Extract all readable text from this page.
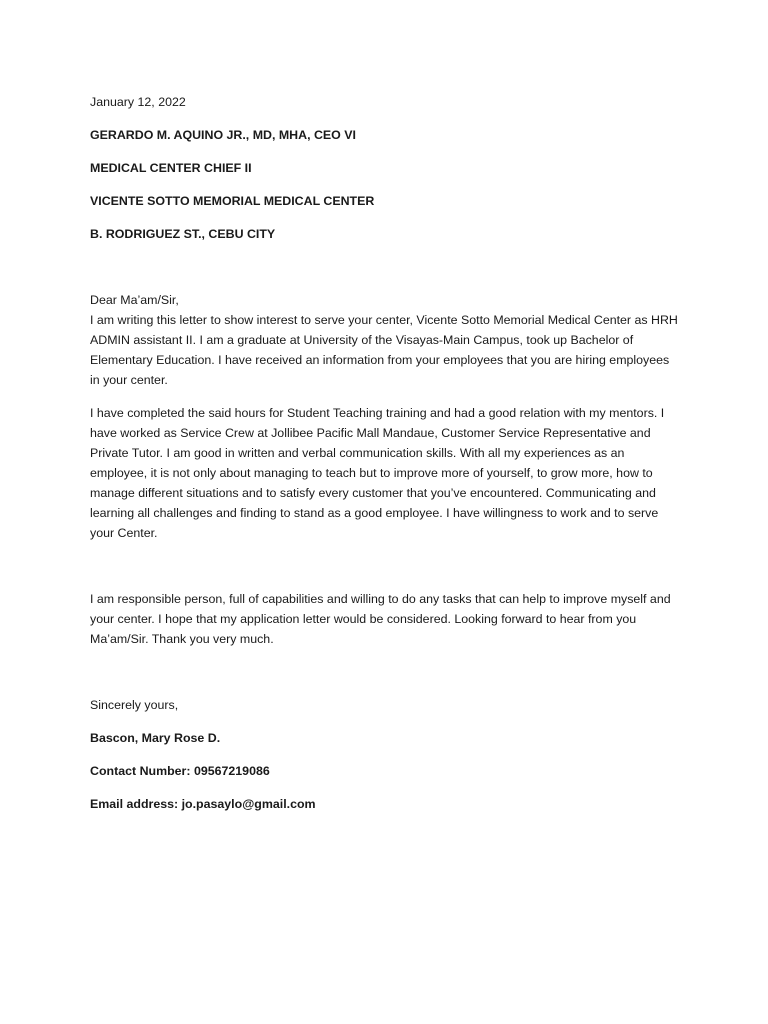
January 12, 2022

GERARDO M. AQUINO JR., MD, MHA, CEO VI

MEDICAL CENTER CHIEF II

VICENTE SOTTO MEMORIAL MEDICAL CENTER

B. RODRIGUEZ ST., CEBU CITY

Dear Ma’am/Sir,

I am writing this letter to show interest to serve your center, Vicente Sotto Memorial Medical Center as HRH ADMIN assistant II. I am a graduate at University of the Visayas-Main Campus, took up Bachelor of Elementary Education. I have received an information from your employees that you are hiring employees in your center.

I have completed the said hours for Student Teaching training and had a good relation with my mentors. I have worked as Service Crew at Jollibee Pacific Mall Mandaue, Customer Service Representative and Private Tutor. I am good in written and verbal communication skills. With all my experiences as an employee, it is not only about managing to teach but to improve more of yourself, to grow more, how to manage different situations and to satisfy every customer that you’ve encountered. Communicating and learning all challenges and finding to stand as a good employee. I have willingness to work and to serve your Center.

I am responsible person, full of capabilities and willing to do any tasks that can help to improve myself and your center. I hope that my application letter would be considered. Looking forward to hear from you Ma’am/Sir. Thank you very much.

Sincerely yours,

Bascon, Mary Rose D.

Contact Number: 09567219086

Email address: jo.pasaylo@gmail.com
